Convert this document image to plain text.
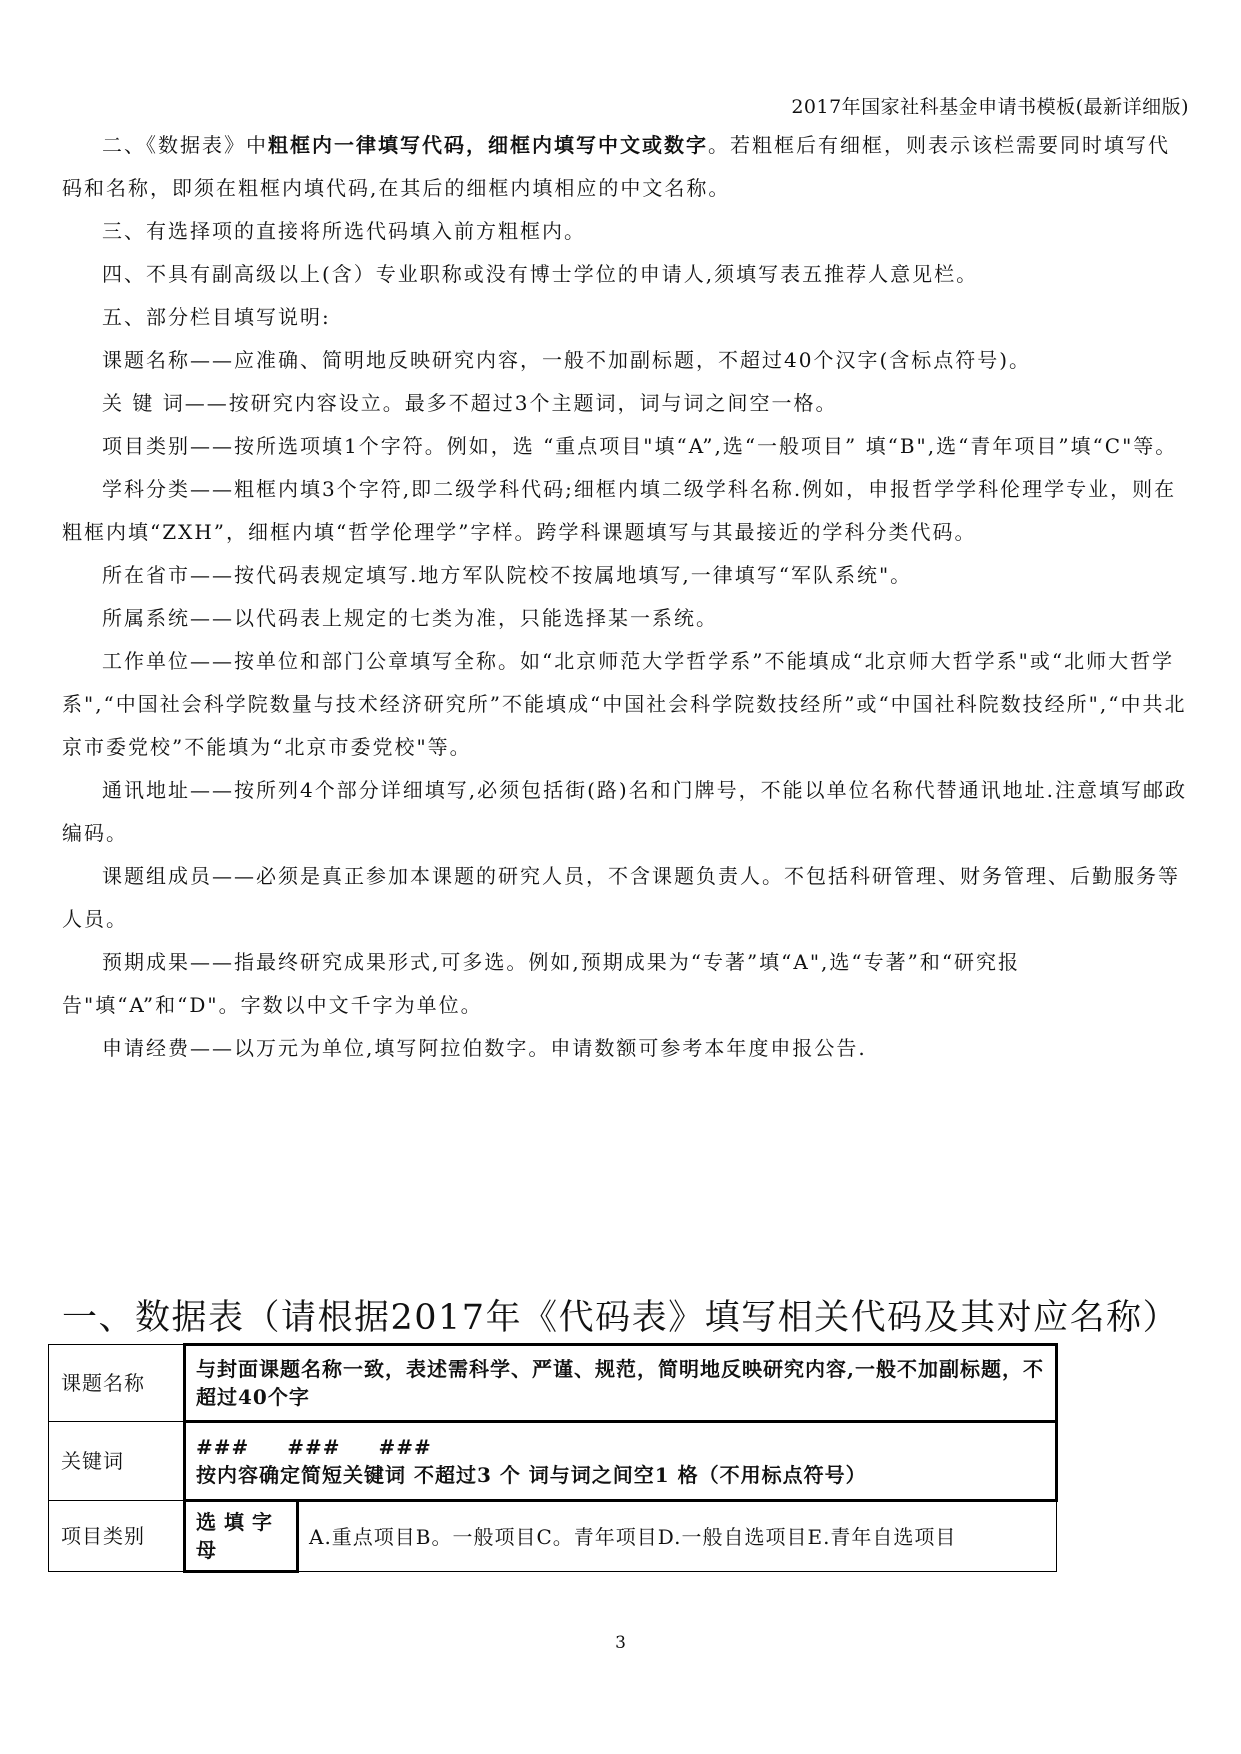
2017年国家社科基金申请书模板(最新详细版)

二、《数据表》中粗框内一律填写代码，细框内填写中文或数字。若粗框后有细框，则表示该栏需要同时填写代码和名称，即须在粗框内填代码,在其后的细框内填相应的中文名称。

三、有选择项的直接将所选代码填入前方粗框内。

四、不具有副高级以上(含）专业职称或没有博士学位的申请人,须填写表五推荐人意见栏。

五、部分栏目填写说明:

课题名称——应准确、简明地反映研究内容，一般不加副标题，不超过40个汉字(含标点符号)。

关 键 词——按研究内容设立。最多不超过3个主题词，词与词之间空一格。

项目类别——按所选项填1个字符。例如，选 “重点项目"填“A”,选“一般项目” 填“B",选“青年项目”填“C"等。

学科分类——粗框内填3个字符,即二级学科代码;细框内填二级学科名称.例如，申报哲学学科伦理学专业，则在粗框内填“ZXH”，细框内填“哲学伦理学”字样。跨学科课题填写与其最接近的学科分类代码。

所在省市——按代码表规定填写.地方军队院校不按属地填写,一律填写“军队系统"。

所属系统——以代码表上规定的七类为准，只能选择某一系统。

工作单位——按单位和部门公章填写全称。如“北京师范大学哲学系”不能填成“北京师大哲学系"或“北师大哲学系",“中国社会科学院数量与技术经济研究所”不能填成“中国社会科学院数技经所”或“中国社科院数技经所",“中共北京市委党校”不能填为“北京市委党校"等。

通讯地址——按所列4个部分详细填写,必须包括街(路)名和门牌号，不能以单位名称代替通讯地址.注意填写邮政编码。

课题组成员——必须是真正参加本课题的研究人员，不含课题负责人。不包括科研管理、财务管理、后勤服务等人员。

预期成果——指最终研究成果形式,可多选。例如,预期成果为“专著”填“A",选“专著”和“研究报告"填“A”和“D"。字数以中文千字为单位。

申请经费——以万元为单位,填写阿拉伯数字。申请数额可参考本年度申报公告.

一、数据表（请根据2017年《代码表》填写相关代码及其对应名称）
课题名称	与封面课题名称一致，表述需科学、严谨、规范，简明地反映研究内容,一般不加副标题，不超过40个字	
关键词	### ### ###
按内容确定简短关键词 不超过3 个 词与词之间空1 格（不用标点符号）	

项目类别	选填字母	A.重点项目B。一般项目C。青年项目D.一般自选项目E.青年自选项目
3
